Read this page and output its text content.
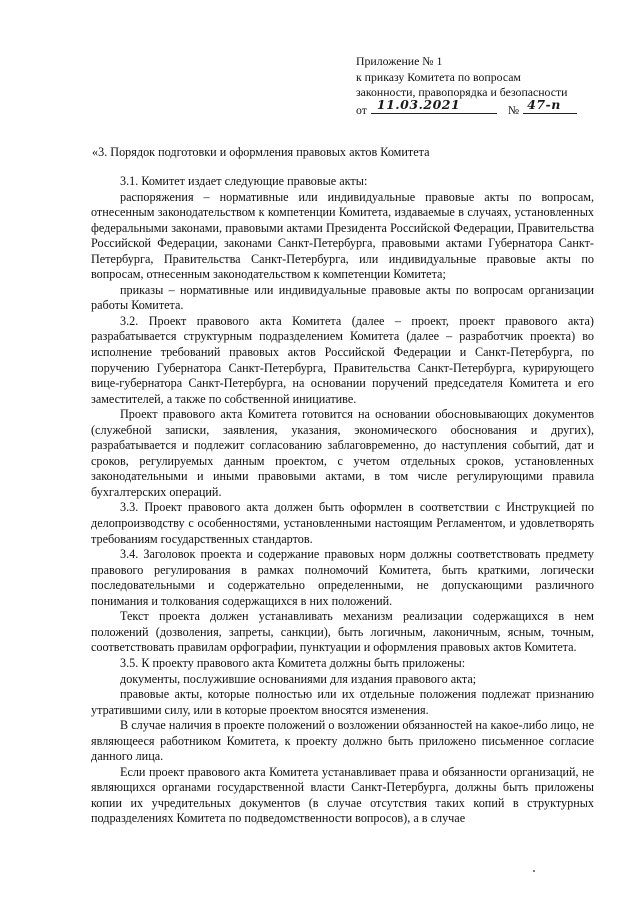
Приложение № 1
к приказу Комитета по вопросам
законности, правопорядка и безопасности
от 11.03.2021	№ 47-п
«3. Порядок подготовки и оформления правовых актов Комитета

3.1. Комитет издает следующие правовые акты:

распоряжения – нормативные или индивидуальные правовые акты по вопросам, отнесенным законодательством к компетенции Комитета, издаваемые в случаях, установленных федеральными законами, правовыми актами Президента Российской Федерации, Правительства Российской Федерации, законами Санкт-Петербурга, правовыми актами Губернатора Санкт-Петербурга, Правительства Санкт-Петербурга, или индивидуальные правовые акты по вопросам, отнесенным законодательством к компетенции Комитета;

приказы – нормативные или индивидуальные правовые акты по вопросам организации работы Комитета.

3.2. Проект правового акта Комитета (далее – проект, проект правового акта) разрабатывается структурным подразделением Комитета (далее – разработчик проекта) во исполнение требований правовых актов Российской Федерации и Санкт-Петербурга, по поручению Губернатора Санкт-Петербурга, Правительства Санкт-Петербурга, курирующего вице-губернатора Санкт-Петербурга, на основании поручений председателя Комитета и его заместителей, а также по собственной инициативе.

Проект правового акта Комитета готовится на основании обосновывающих документов (служебной записки, заявления, указания, экономического обоснования и других), разрабатывается и подлежит согласованию заблаговременно, до наступления событий, дат и сроков, регулируемых данным проектом, с учетом отдельных сроков, установленных законодательными и иными правовыми актами, в том числе регулирующими правила бухгалтерских операций.

3.3. Проект правового акта должен быть оформлен в соответствии с Инструкцией по делопроизводству с особенностями, установленными настоящим Регламентом, и удовлетворять требованиям государственных стандартов.

3.4. Заголовок проекта и содержание правовых норм должны соответствовать предмету правового регулирования в рамках полномочий Комитета, быть краткими, логически последовательными и содержательно определенными, не допускающими различного понимания и толкования содержащихся в них положений.

Текст проекта должен устанавливать механизм реализации содержащихся в нем положений (дозволения, запреты, санкции), быть логичным, лаконичным, ясным, точным, соответствовать правилам орфографии, пунктуации и оформления правовых актов Комитета.

3.5. К проекту правового акта Комитета должны быть приложены:

документы, послужившие основаниями для издания правового акта;

правовые акты, которые полностью или их отдельные положения подлежат признанию утратившими силу, или в которые проектом вносятся изменения.

В случае наличия в проекте положений о возложении обязанностей на какое-либо лицо, не являющееся работником Комитета, к проекту должно быть приложено письменное согласие данного лица.

Если проект правового акта Комитета устанавливает права и обязанности организаций, не являющихся органами государственной власти Санкт-Петербурга, должны быть приложены копии их учредительных документов (в случае отсутствия таких копий в структурных подразделениях Комитета по подведомственности вопросов), а в случае
